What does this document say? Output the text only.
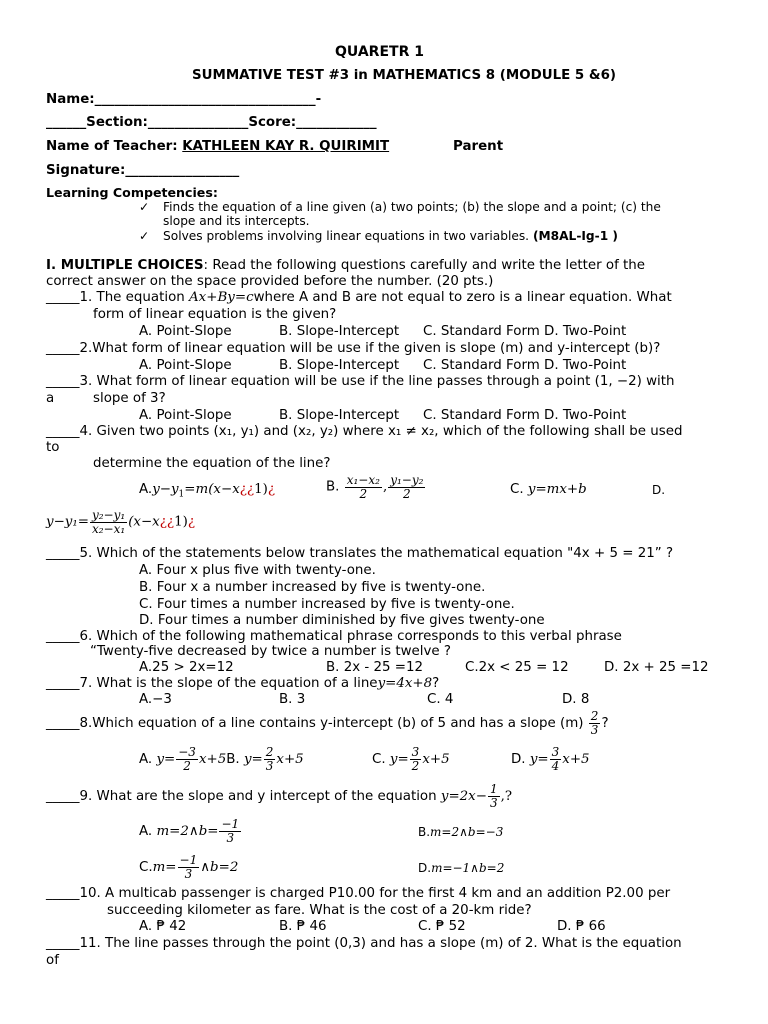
QUARETR 1
SUMMATIVE TEST #3 in MATHEMATICS 8 (MODULE 5 &6)
Name:_________________________________-
______Section:_______________Score:____________
Name of Teacher: KATHLEEN KAY R. QUIRIMIT	Parent
Signature:_________________
Learning Competencies:
✓ Finds the equation of a line given (a) two points; (b) the slope and a point; (c) the
slope and its intercepts.
✓ Solves problems involving linear equations in two variables. (M8AL-Ig-1 )
I. MULTIPLE CHOICES: Read the following questions carefully and write the letter of the
correct answer on the space provided before the number. (20 pts.)
_____1. The equation Ax+By=cwhere A and B are not equal to zero is a linear equation. What
form of linear equation is the given?
A. Point-Slope	B. Slope-Intercept C. Standard Form D. Two-Point
_____2.What form of linear equation will be use if the given is slope (m) and y-intercept (b)?
A. Point-Slope	B. Slope-Intercept C. Standard Form D. Two-Point
_____3. What form of linear equation will be use if the line passes through a point (1, −2) with
a	slope of 3?
A. Point-Slope	B. Slope-Intercept C. Standard Form D. Two-Point
_____4. Given two points (x₁, y₁) and (x₂, y₂) where x₁ ≠ x₂, which of the following shall be used
to
determine the equation of the line?
$A.y-y_1=m(x-x¿¿1)¿$	B. $\frac{\text{x₁−x₂}}{2}$ , $\frac{\text{y₁−y₂}}{2}$	C. y=mx+b	D.
$y-y_1= \frac{\text{y₂−y₁}}{\text{x₂−x₁}}$ (x−x¿¿1)¿
_____5. Which of the statements below translates the mathematical equation "4x + 5 = 21” ?
A. Four x plus five with twenty-one.
B. Four x a number increased by five is twenty-one.
C. Four times a number increased by five is twenty-one.
D. Four times a number diminished by five gives twenty-one
_____6. Which of the following mathematical phrase corresponds to this verbal phrase
“Twenty-five decreased by twice a number is twelve ?
A.25 > 2x=12	B. 2x - 25 =12	C.2x < 25 = 12	D. 2x + 25 =12
_____7. What is the slope of the equation of a liney=4x+8?
A.−3	B. 3	C. 4	D. 8
_____8.Which equation of a line contains y-intercept (b) of 5 and has a slope $(m) \frac{2}{3}$ ?
A. $y= \frac{-3}{2} x+5B$. $y= \frac{2}{3} x+5$	C. $y= \frac{3}{2} x+5$	D. $y= \frac{3}{4} x+5$
_____9. What are the slope and y intercept of the equation $y=2x- \frac{1}{3}$ ,?
A. m=2∧b= $\frac{-1}{3}$	B.m=2∧b=−3
$C.m= \frac{-1}{3}$ ∧b=2	D.m=−1∧b=2
_____10. A multicab passenger is charged P10.00 for the first 4 km and an addition P2.00 per
succeeding kilometer as fare. What is the cost of a 20-km ride?
A. ₱ 42	B. ₱ 46	C. ₱ 52	D. ₱ 66
_____11. The line passes through the point (0,3) and has a slope (m) of 2. What is the equation
of
